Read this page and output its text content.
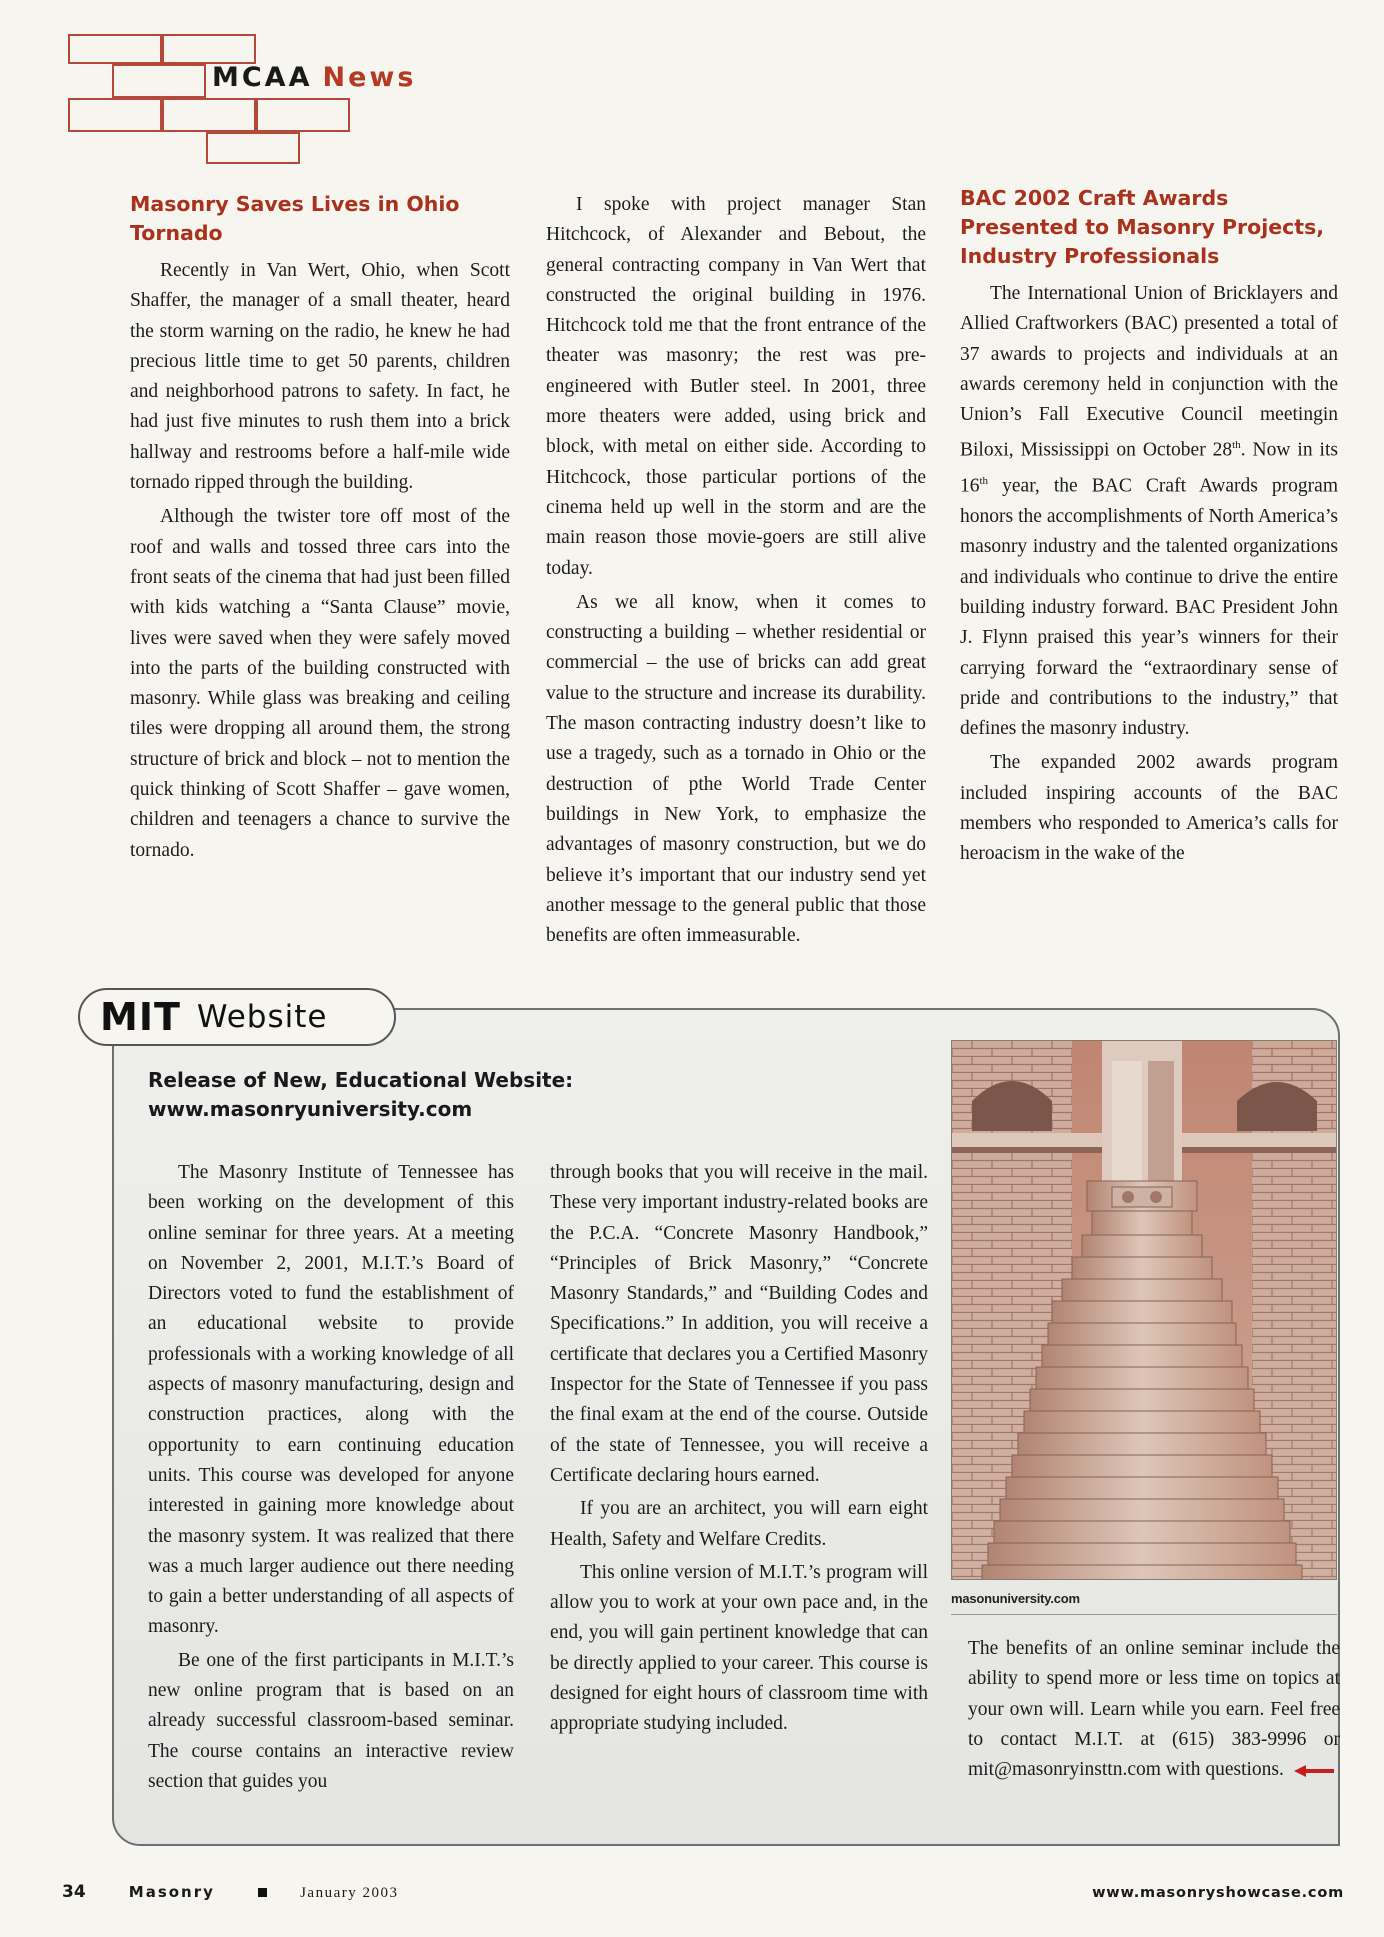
MCAA News
Masonry Saves Lives in Ohio Tornado

Recently in Van Wert, Ohio, when Scott Shaffer, the manager of a small theater, heard the storm warning on the radio, he knew he had precious little time to get 50 parents, children and neighborhood patrons to safety. In fact, he had just five minutes to rush them into a brick hallway and restrooms before a half-mile wide tornado ripped through the building.

Although the twister tore off most of the roof and walls and tossed three cars into the front seats of the cinema that had just been filled with kids watching a “Santa Clause” movie, lives were saved when they were safely moved into the parts of the building constructed with masonry. While glass was breaking and ceiling tiles were dropping all around them, the strong structure of brick and block – not to mention the quick thinking of Scott Shaffer – gave women, children and teenagers a chance to survive the tornado.

I spoke with project manager Stan Hitchcock, of Alexander and Bebout, the general contracting company in Van Wert that constructed the original building in 1976. Hitchcock told me that the front entrance of the theater was masonry; the rest was pre-engineered with Butler steel. In 2001, three more theaters were added, using brick and block, with metal on either side. According to Hitchcock, those particular portions of the cinema held up well in the storm and are the main reason those movie-goers are still alive today.

As we all know, when it comes to constructing a building – whether residential or commercial – the use of bricks can add great value to the structure and increase its durability. The mason contracting industry doesn’t like to use a tragedy, such as a tornado in Ohio or the destruction of pthe World Trade Center buildings in New York, to emphasize the advantages of masonry construction, but we do believe it’s important that our industry send yet another message to the general public that those benefits are often immeasurable.

BAC 2002 Craft Awards Presented to Masonry Projects, Industry Professionals

The International Union of Bricklayers and Allied Craftworkers (BAC) presented a total of 37 awards to projects and individuals at an awards ceremony held in conjunction with the Union’s Fall Executive Council meetingin Biloxi, Mississippi on October 28th. Now in its 16th year, the BAC Craft Awards program honors the accomplishments of North America’s masonry industry and the talented organizations and individuals who continue to drive the entire building industry forward. BAC President John J. Flynn praised this year’s winners for their carrying forward the “extraordinary sense of pride and contributions to the industry,” that defines the masonry industry.

The expanded 2002 awards program included inspiring accounts of the BAC members who responded to America’s calls for heroacism in the wake of the

MIT Website
Release of New, Educational Website:
www.masonryuniversity.com

The Masonry Institute of Tennessee has been working on the development of this online seminar for three years. At a meeting on November 2, 2001, M.I.T.’s Board of Directors voted to fund the establishment of an educational website to provide professionals with a working knowledge of all aspects of masonry manufacturing, design and construction practices, along with the opportunity to earn continuing education units. This course was developed for anyone interested in gaining more knowledge about the masonry system. It was realized that there was a much larger audience out there needing to gain a better understanding of all aspects of masonry.

Be one of the first participants in M.I.T.’s new online program that is based on an already successful classroom-based seminar. The course contains an interactive review section that guides you

through books that you will receive in the mail. These very important industry-related books are the P.C.A. “Concrete Masonry Handbook,” “Principles of Brick Masonry,” “Concrete Masonry Standards,” and “Building Codes and Specifications.” In addition, you will receive a certificate that declares you a Certified Masonry Inspector for the State of Tennessee if you pass the final exam at the end of the course. Outside of the state of Tennessee, you will receive a Certificate declaring hours earned.

If you are an architect, you will earn eight Health, Safety and Welfare Credits.

This online version of M.I.T.’s program will allow you to work at your own pace and, in the end, you will gain pertinent knowledge that can be directly applied to your career. This course is designed for eight hours of classroom time with appropriate studying included.

masonuniversity.com

The benefits of an online seminar include the ability to spend more or less time on topics at your own will. Learn while you earn. Feel free to contact M.I.T. at (615) 383-9996 or mit@masonryinsttn.com with questions.

34	Masonry	January 2003	www.masonryshowcase.com
